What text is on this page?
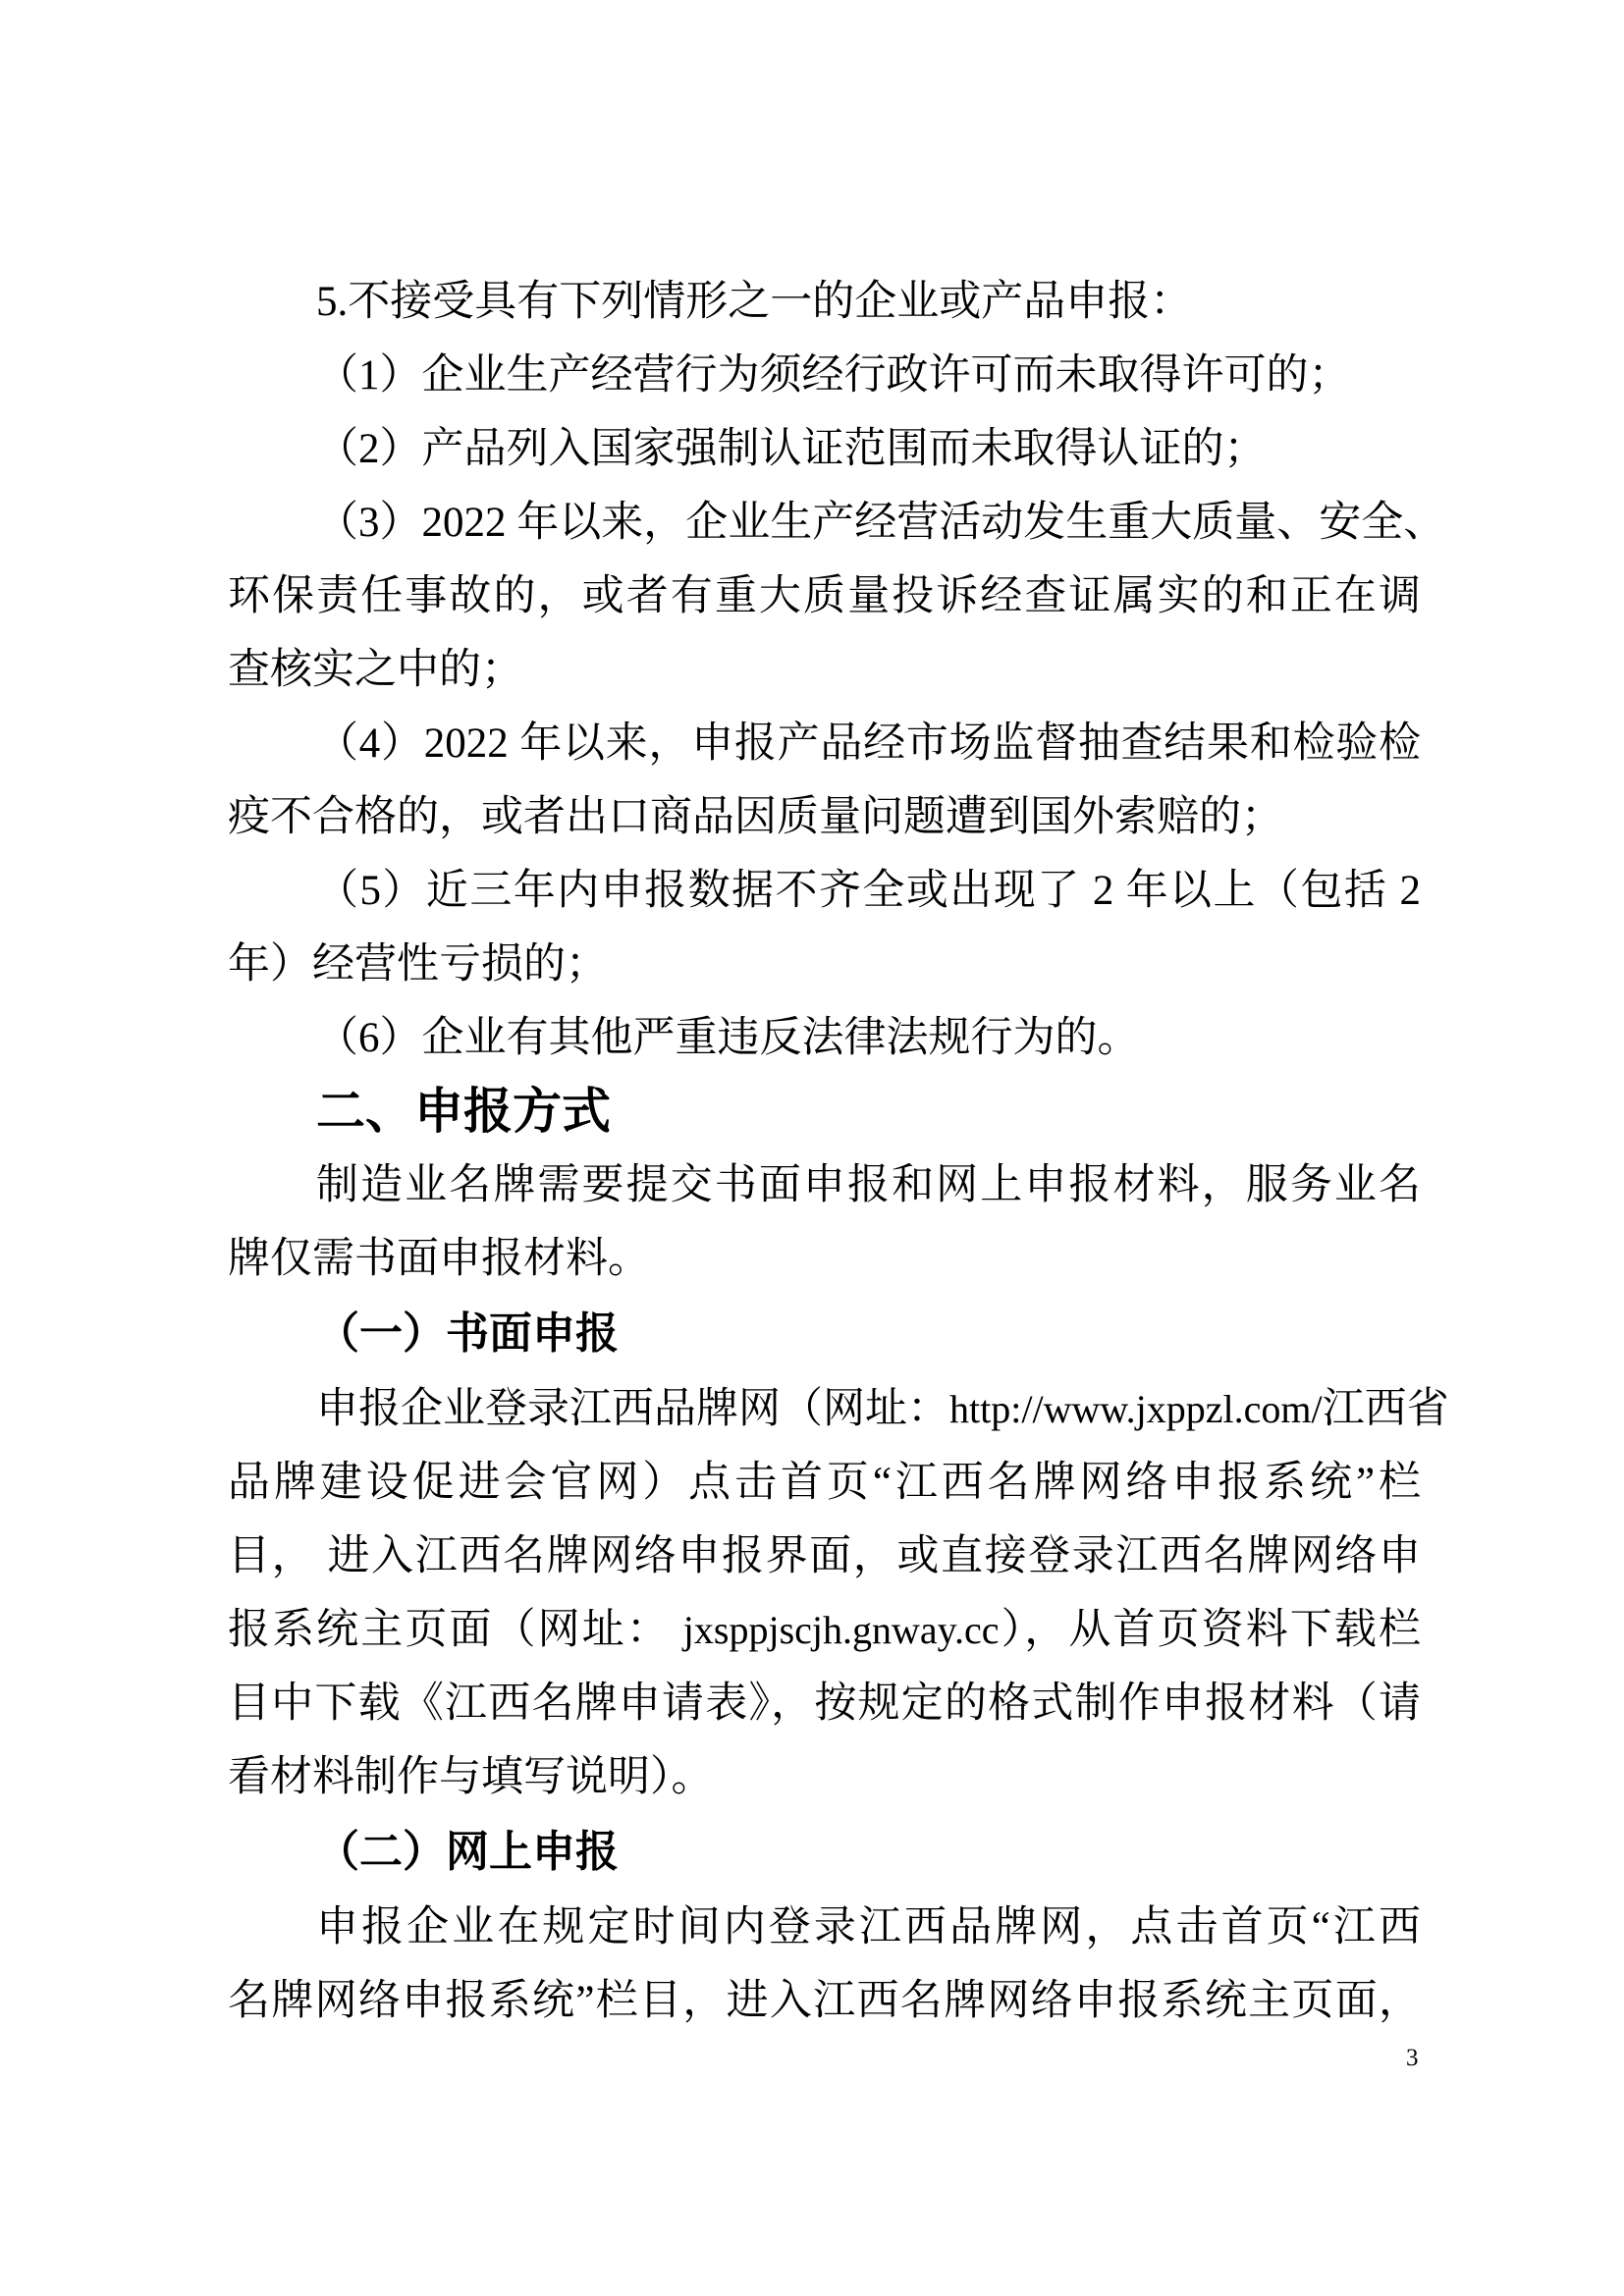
5.不接受具有下列情形之一的企业或产品申报：
（1）企业生产经营行为须经行政许可而未取得许可的；
（2）产品列入国家强制认证范围而未取得认证的；
（3）2022 年以来，企业生产经营活动发生重大质量、安全、
环保责任事故的，或者有重大质量投诉经查证属实的和正在调
查核实之中的；
（4）2022 年以来，申报产品经市场监督抽查结果和检验检
疫不合格的，或者出口商品因质量问题遭到国外索赔的；
（5）近三年内申报数据不齐全或出现了 2 年以上（包括 2
年）经营性亏损的；
（6）企业有其他严重违反法律法规行为的。
二、申报方式
制造业名牌需要提交书面申报和网上申报材料，服务业名
牌仅需书面申报材料。
（一）书面申报
申报企业登录江西品牌网（网址：http://www.jxppzl.com/江西省
品牌建设促进会官网）点击首页“江西名牌网络申报系统”栏
目， 进入江西名牌网络申报界面，或直接登录江西名牌网络申
报系统主页面（网址： jxsppjscjh.gnway.cc），从首页资料下载栏
目中下载《江西名牌申请表》，按规定的格式制作申报材料（请
看材料制作与填写说明）。
（二）网上申报
申报企业在规定时间内登录江西品牌网，点击首页“江西
名牌网络申报系统”栏目，进入江西名牌网络申报系统主页面，
3
